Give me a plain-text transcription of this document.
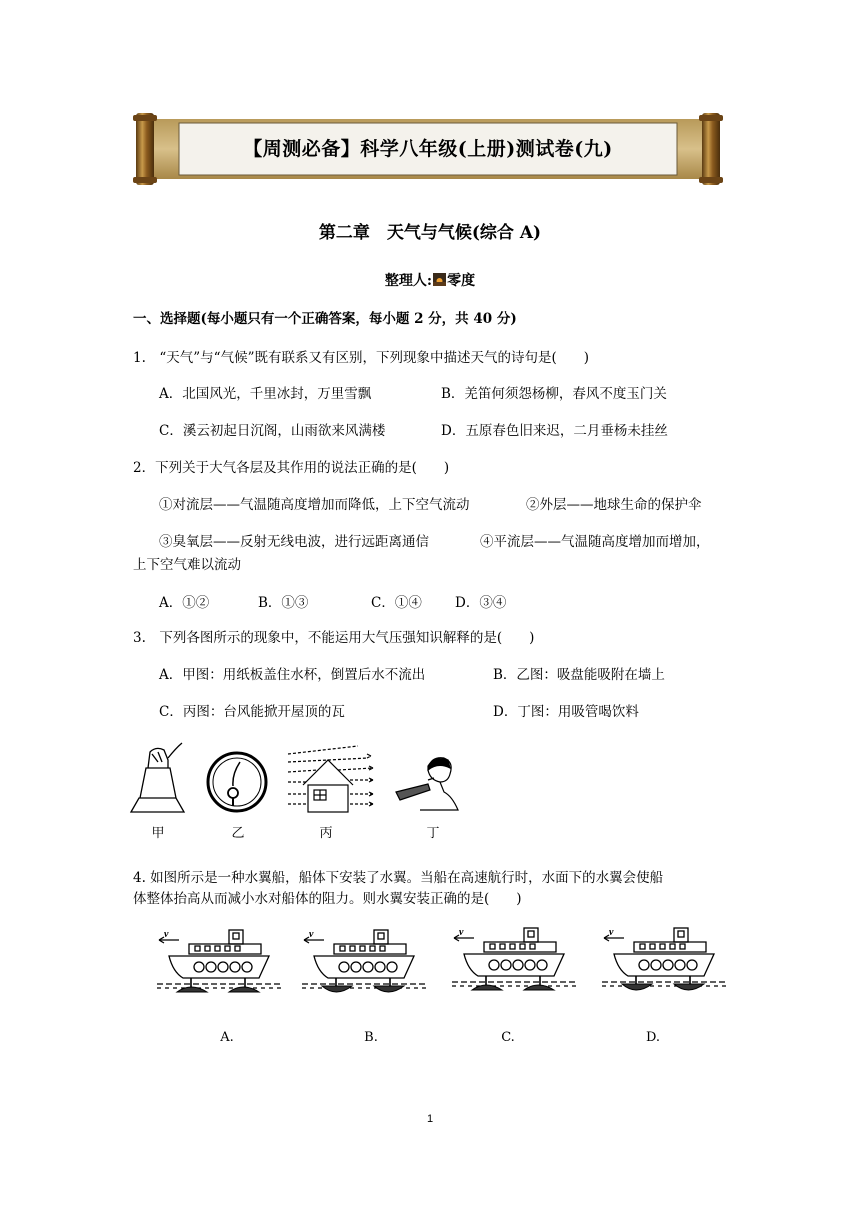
【周测必备】科学八年级(上册)测试卷(九)
第二章　天气与气候(综合 A)
整理人: 零度
一、选择题(每小题只有一个正确答案，每小题 2 分，共 40 分)
1.　“天气”与“气候”既有联系又有区别，下列现象中描述天气的诗句是(　　)
A．北国风光，千里冰封，万里雪飘	B．羌笛何须怨杨柳，春风不度玉门关
C．溪云初起日沉阁，山雨欲来风满楼	D．五原春色旧来迟，二月垂杨未挂丝
2．下列关于大气各层及其作用的说法正确的是(　　)
①对流层——气温随高度增加而降低，上下空气流动	②外层——地球生命的保护伞
③臭氧层——反射无线电波，进行远距离通信	④平流层——气温随高度增加而增加，
上下空气难以流动
A．①②	B．①③	C．①④ D．③④
3.　下列各图所示的现象中，不能运用大气压强知识解释的是(　　)
A．甲图：用纸板盖住水杯，倒置后水不流出	B．乙图：吸盘能吸附在墙上
C．丙图：台风能掀开屋顶的瓦	D．丁图：用吸管喝饮料
甲	乙	丙	丁
4. 如图所示是一种水翼船，船体下安装了水翼。当船在高速航行时，水面下的水翼会使船
体整体抬高从而减小水对船体的阻力。则水翼安装正确的是(　　)
v	v	v	v
A.	B.	C.	D.
1
